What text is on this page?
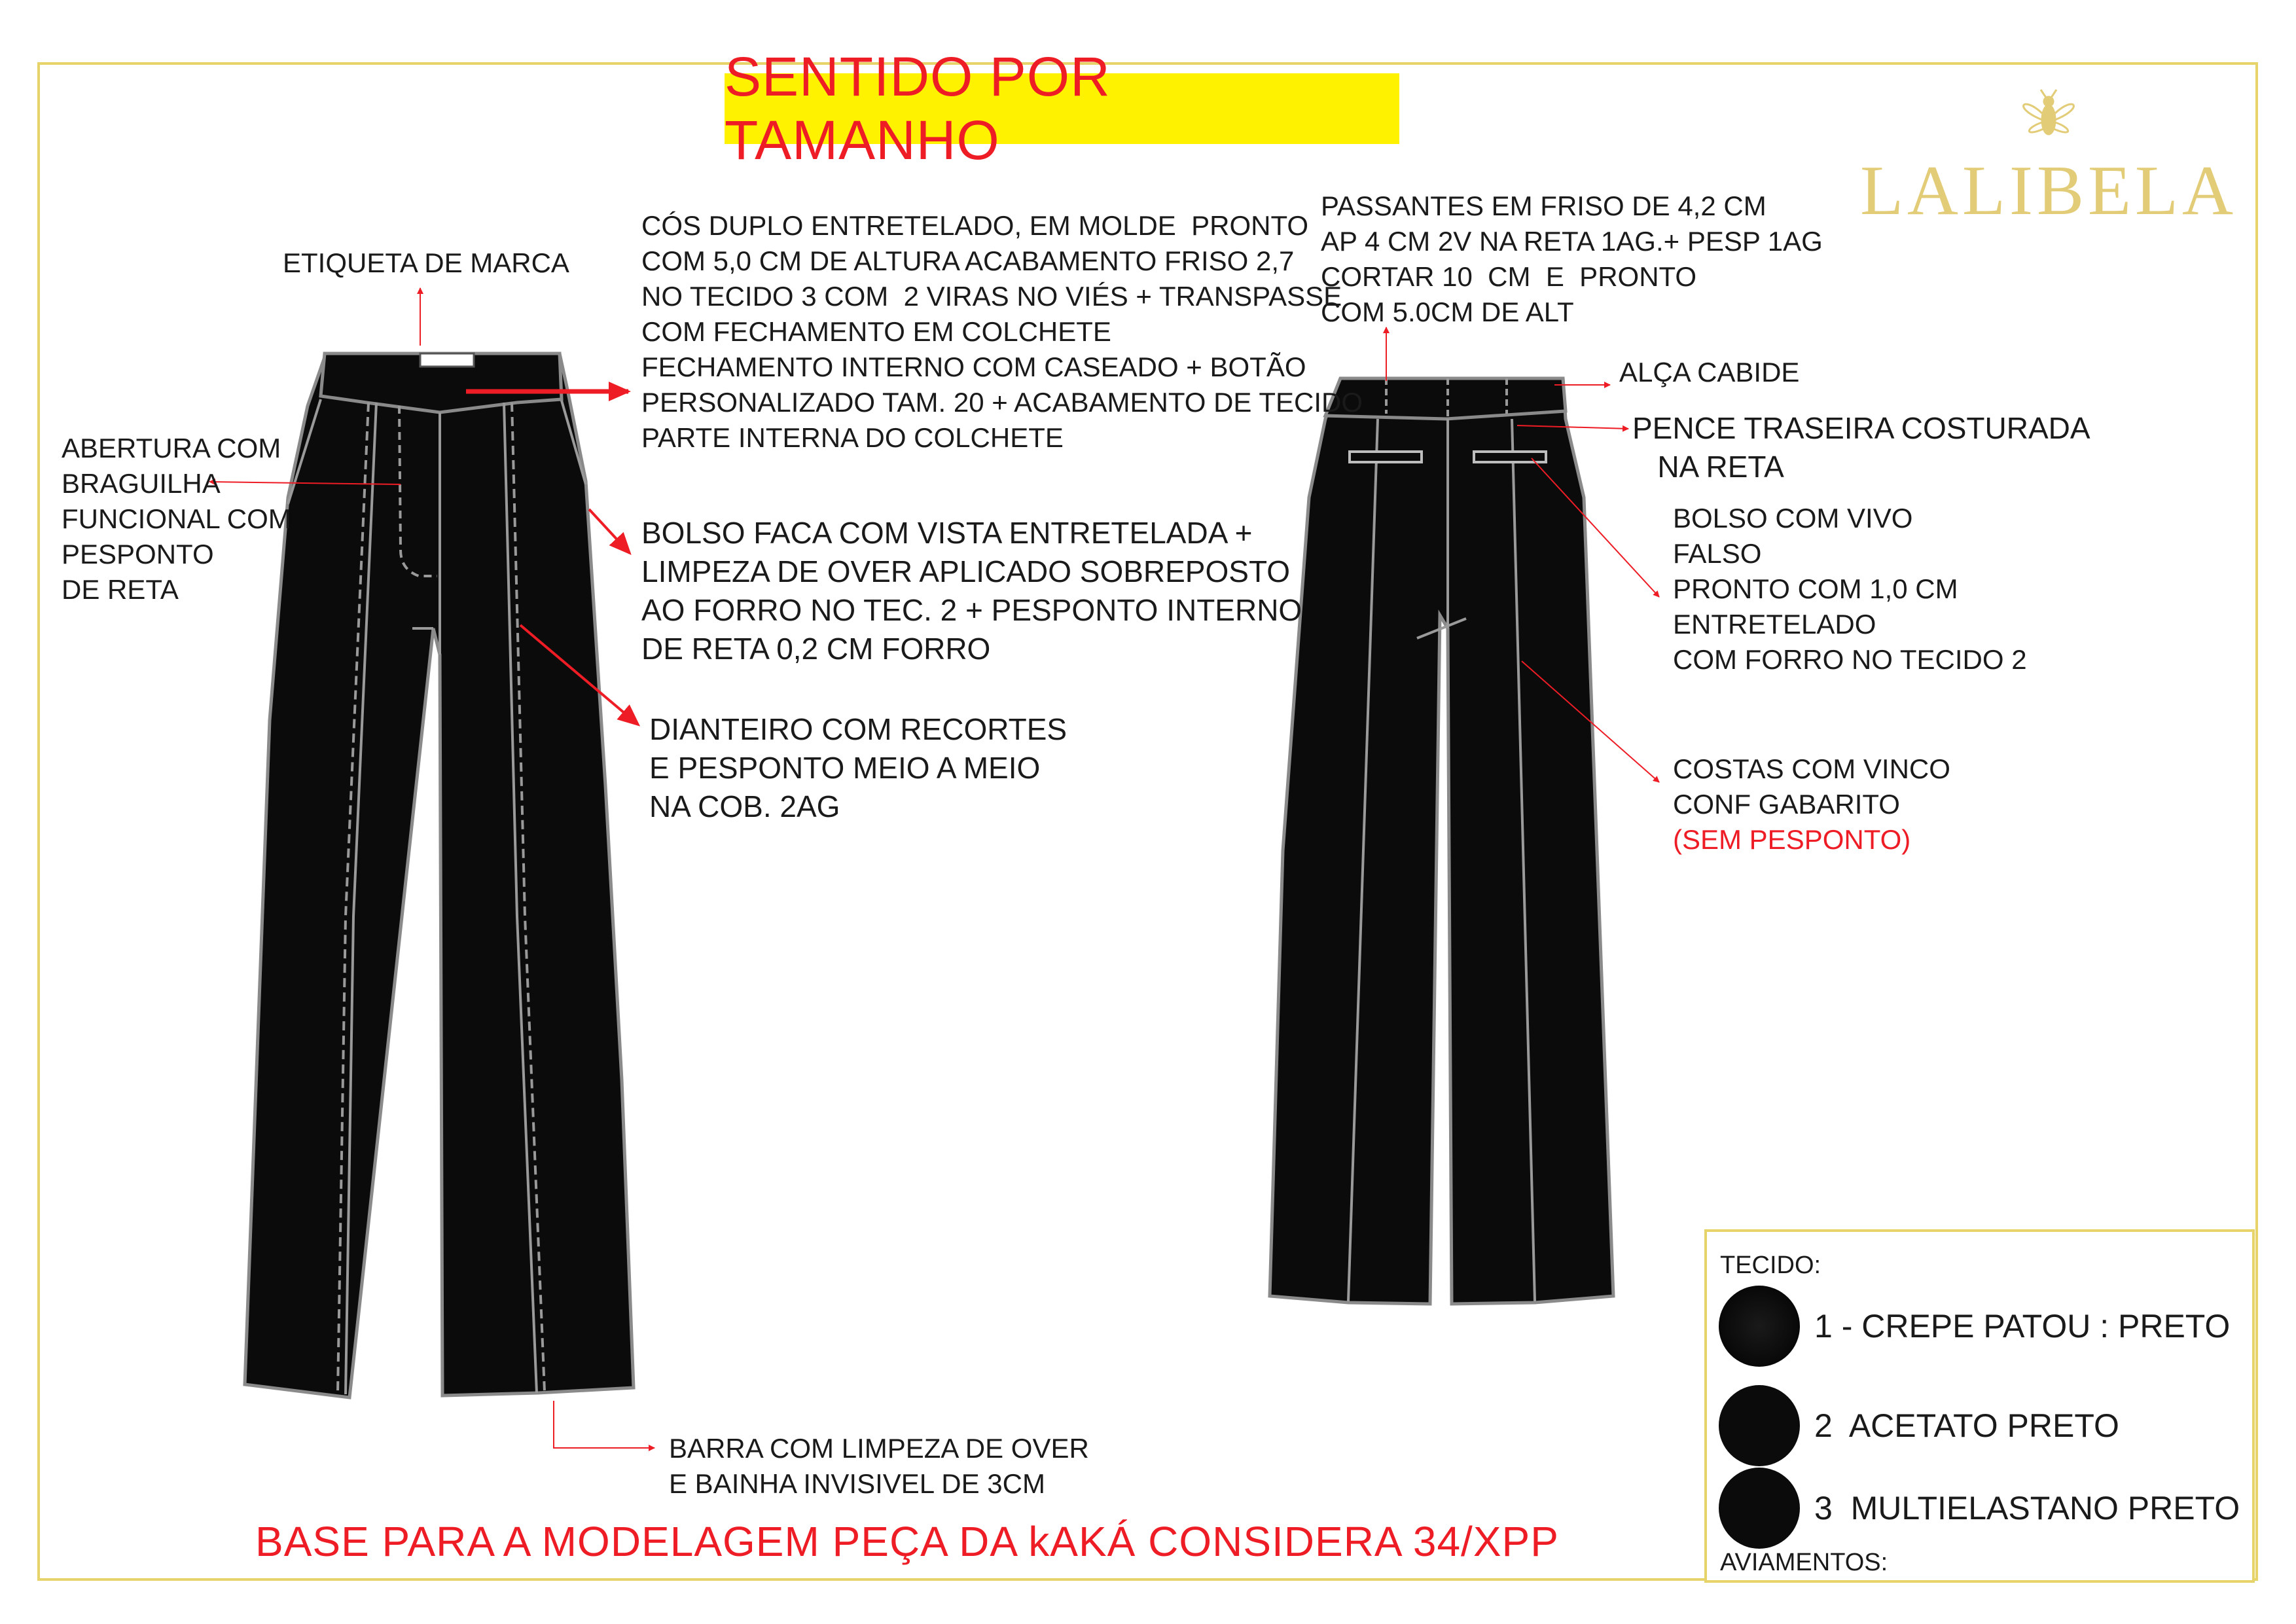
SENTIDO POR TAMANHO
LALIBELA
ETIQUETA DE MARCA
CÓS DUPLO ENTRETELADO, EM MOLDE  PRONTO
COM 5,0 CM DE ALTURA ACABAMENTO FRISO 2,7
NO TECIDO 3 COM  2 VIRAS NO VIÉS + TRANSPASSE
COM FECHAMENTO EM COLCHETE
FECHAMENTO INTERNO COM CASEADO + BOTÃO
PERSONALIZADO TAM. 20 + ACABAMENTO DE TECIDO
PARTE INTERNA DO COLCHETE
ABERTURA COM
BRAGUILHA
FUNCIONAL COM
PESPONTO
DE RETA
BOLSO FACA COM VISTA ENTRETELADA +
LIMPEZA DE OVER APLICADO SOBREPOSTO
AO FORRO NO TEC. 2 + PESPONTO INTERNO
DE RETA 0,2 CM FORRO
DIANTEIRO COM RECORTES
E PESPONTO MEIO A MEIO
NA COB. 2AG
BARRA COM LIMPEZA DE OVER
E BAINHA INVISIVEL DE 3CM
PASSANTES EM FRISO DE 4,2 CM
AP 4 CM 2V NA RETA 1AG.+ PESP 1AG
CORTAR 10  CM  E  PRONTO
COM 5.0CM DE ALT
ALÇA CABIDE
PENCE TRASEIRA COSTURADA
NA RETA
BOLSO COM VIVO
FALSO
PRONTO COM 1,0 CM
ENTRETELADO
COM FORRO NO TECIDO 2
COSTAS COM VINCO
CONF GABARITO
(SEM PESPONTO)
BASE PARA A MODELAGEM PEÇA DA kAKÁ CONSIDERA 34/XPP
TECIDO:
1 - CREPE PATOU : PRETO
2  ACETATO PRETO
3  MULTIELASTANO PRETO
AVIAMENTOS:
